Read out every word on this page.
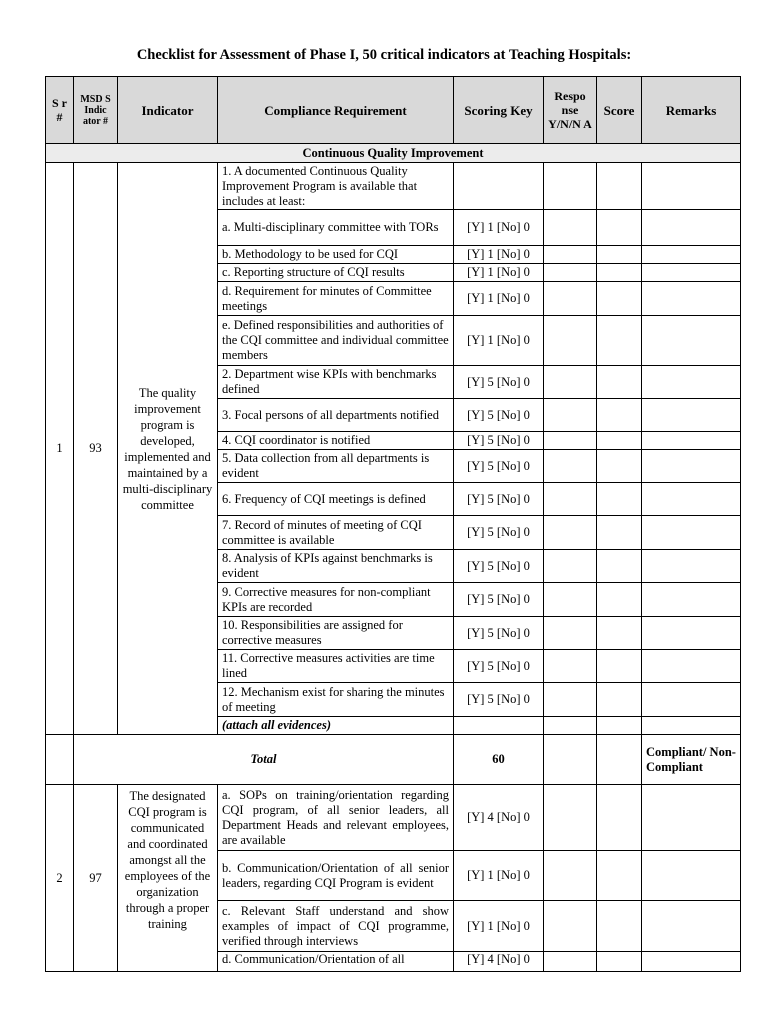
Checklist for Assessment of Phase I, 50 critical indicators at Teaching Hospitals:
S r #	MSD S Indic ator #	Indicator	Compliance Requirement	Scoring Key	Respo nse Y/N/N A	Score	Remarks
Continuous Quality Improvement							
1	93	The quality improvement program is developed, implemented and maintained by a multi-disciplinary committee	1. A documented Continuous Quality Improvement Program is available that includes at least:				
			a. Multi-disciplinary committee with TORs	[Y] 1 [No] 0			
			b. Methodology to be used for CQI	[Y] 1 [No] 0			
			c. Reporting structure of CQI results	[Y] 1 [No] 0			
			d. Requirement for minutes of Committee meetings	[Y] 1 [No] 0			
			e. Defined responsibilities and authorities of the CQI committee and individual committee members	[Y] 1 [No] 0			
			2. Department wise KPIs with benchmarks defined	[Y] 5 [No] 0			
			3. Focal persons of all departments notified	[Y] 5 [No] 0			
			4. CQI coordinator is notified	[Y] 5 [No] 0			
			5. Data collection from all departments is evident	[Y] 5 [No] 0			
			6. Frequency of CQI meetings is defined	[Y] 5 [No] 0			
			7. Record of minutes of meeting of CQI committee is available	[Y] 5 [No] 0			
			8. Analysis of KPIs against benchmarks is evident	[Y] 5 [No] 0			
			9. Corrective measures for non-compliant KPIs are recorded	[Y] 5 [No] 0			
			10. Responsibilities are assigned for corrective measures	[Y] 5 [No] 0			
			11. Corrective measures activities are time lined	[Y] 5 [No] 0			
			12. Mechanism exist for sharing the minutes of meeting	[Y] 5 [No] 0			
			(attach all evidences)				
	Total			60			Compliant/ Non-Compliant
2	97	The designated CQI program is communicated and coordinated amongst all the employees of the organization through a proper training	a. SOPs on training/orientation regarding CQI program, of all senior leaders, all Department Heads and relevant employees, are available	[Y] 4 [No] 0			
			b. Communication/Orientation of all senior leaders, regarding CQI Program is evident	[Y] 1 [No] 0			
			c. Relevant Staff understand and show examples of impact of CQI programme, verified through interviews	[Y] 1 [No] 0			
			d. Communication/Orientation of all	[Y] 4 [No] 0			
